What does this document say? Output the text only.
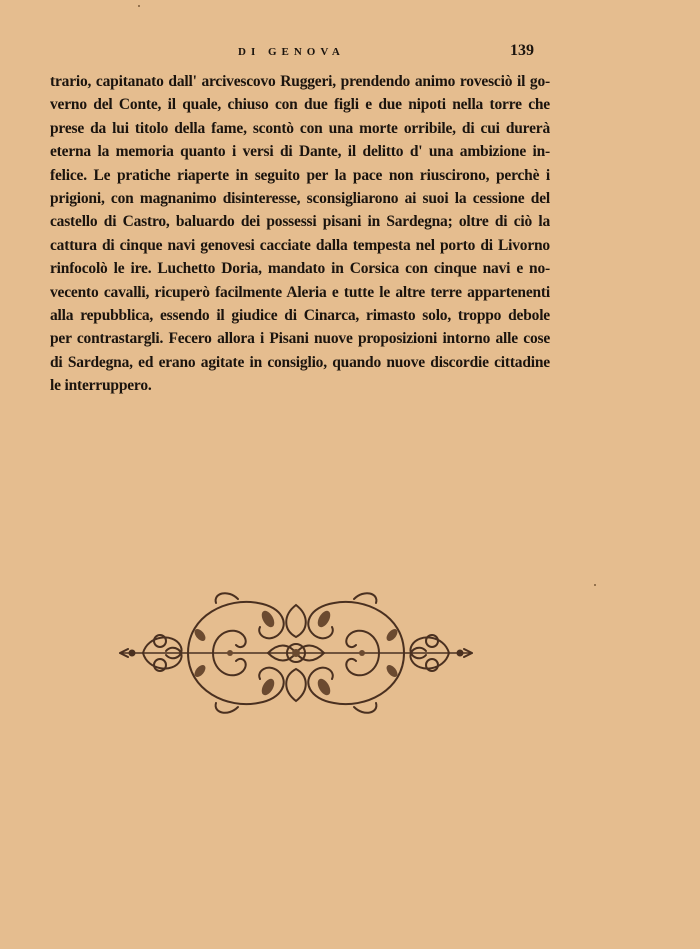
DI GENOVA	139
trario, capitanato dall' arcivescovo Ruggeri, prendendo animo rovesciò il go-
verno del Conte, il quale, chiuso con due figli e due nipoti nella torre che
prese da lui titolo della fame, scontò con una morte orribile, di cui durerà
eterna la memoria quanto i versi di Dante, il delitto d' una ambizione in-
felice. Le pratiche riaperte in seguito per la pace non riuscirono, perchè i
prigioni, con magnanimo disinteresse, sconsigliarono ai suoi la cessione del
castello di Castro, baluardo dei possessi pisani in Sardegna; oltre di ciò la
cattura di cinque navi genovesi cacciate dalla tempesta nel porto di Livorno
rinfocolò le ire. Luchetto Doria, mandato in Corsica con cinque navi e no-
vecento cavalli, ricuperò facilmente Aleria e tutte le altre terre appartenenti
alla repubblica, essendo il giudice di Cinarca, rimasto solo, troppo debole
per contrastargli. Fecero allora i Pisani nuove proposizioni intorno alle cose
di Sardegna, ed erano agitate in consiglio, quando nuove discordie cittadine
le interruppero.
